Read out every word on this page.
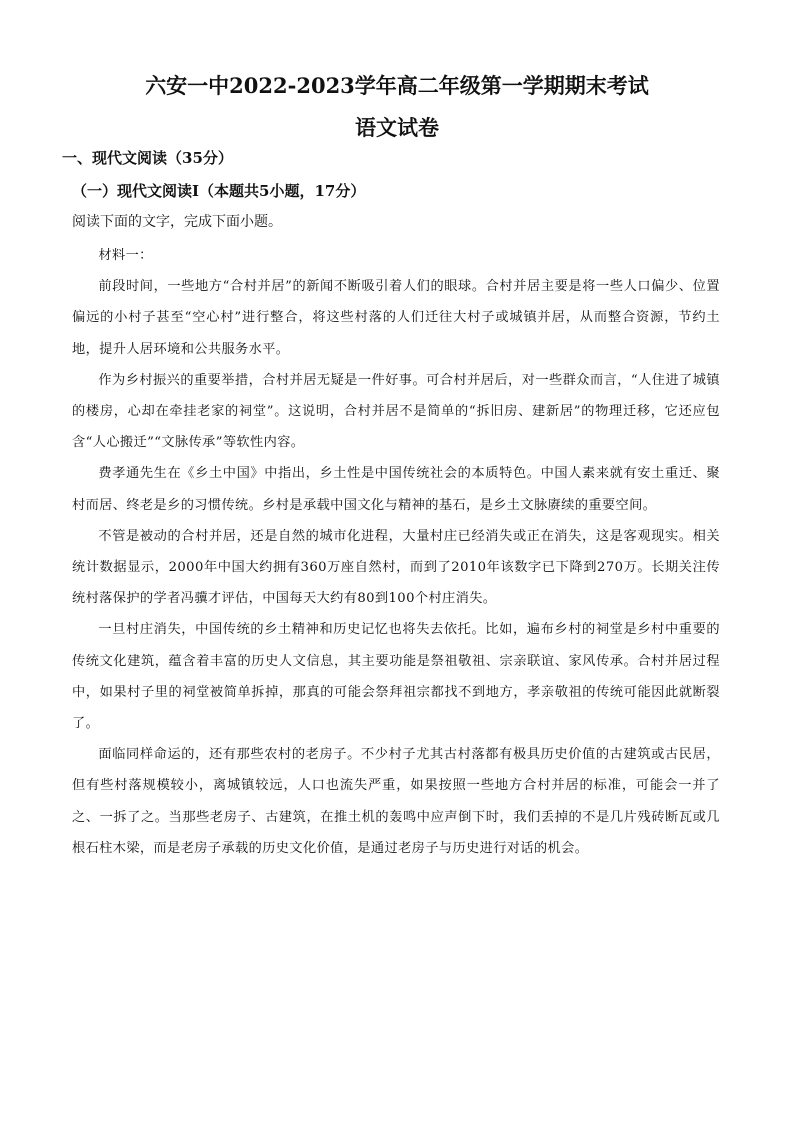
六安一中2022-2023学年高二年级第一学期期末考试
语文试卷
一、现代文阅读（35分）
（一）现代文阅读Ⅰ（本题共5小题，17分）

阅读下面的文字，完成下面小题。

材料一：

前段时间，一些地方“合村并居”的新闻不断吸引着人们的眼球。合村并居主要是将一些人口偏少、位置偏远的小村子甚至“空心村”进行整合，将这些村落的人们迁往大村子或城镇并居，从而整合资源，节约土地，提升人居环境和公共服务水平。

作为乡村振兴的重要举措，合村并居无疑是一件好事。可合村并居后，对一些群众而言，“人住进了城镇的楼房，心却在牵挂老家的祠堂”。这说明，合村并居不是简单的“拆旧房、建新居”的物理迁移，它还应包含“人心搬迁”“文脉传承”等软性内容。

费孝通先生在《乡土中国》中指出，乡土性是中国传统社会的本质特色。中国人素来就有安土重迁、聚村而居、终老是乡的习惯传统。乡村是承载中国文化与精神的基石，是乡土文脉赓续的重要空间。

不管是被动的合村并居，还是自然的城市化进程，大量村庄已经消失或正在消失，这是客观现实。相关统计数据显示，2000年中国大约拥有360万座自然村，而到了2010年该数字已下降到270万。长期关注传统村落保护的学者冯骥才评估，中国每天大约有80到100个村庄消失。

一旦村庄消失，中国传统的乡土精神和历史记忆也将失去依托。比如，遍布乡村的祠堂是乡村中重要的传统文化建筑，蕴含着丰富的历史人文信息，其主要功能是祭祖敬祖、宗亲联谊、家风传承。合村并居过程中，如果村子里的祠堂被简单拆掉，那真的可能会祭拜祖宗都找不到地方，孝亲敬祖的传统可能因此就断裂了。

面临同样命运的，还有那些农村的老房子。不少村子尤其古村落都有极具历史价值的古建筑或古民居，但有些村落规模较小，离城镇较远，人口也流失严重，如果按照一些地方合村并居的标准，可能会一并了之、一拆了之。当那些老房子、古建筑，在推土机的轰鸣中应声倒下时，我们丢掉的不是几片残砖断瓦或几根石柱木梁，而是老房子承载的历史文化价值，是通过老房子与历史进行对话的机会。
